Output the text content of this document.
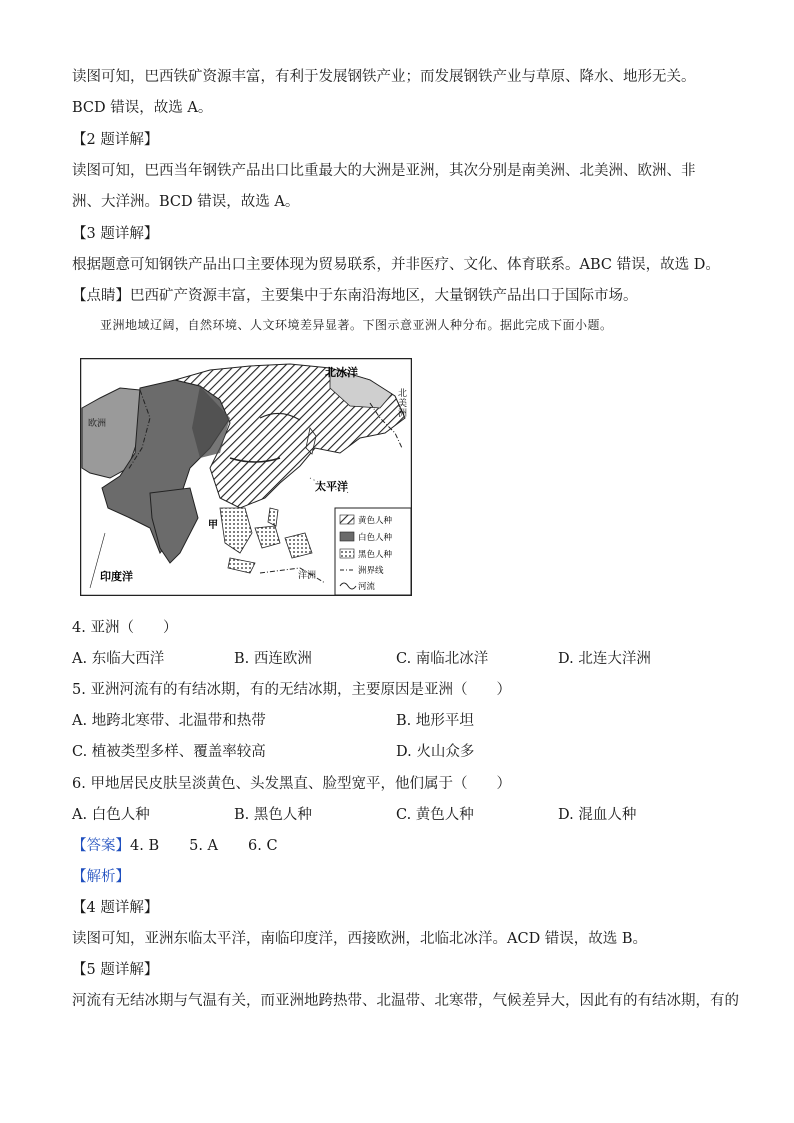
读图可知，巴西铁矿资源丰富，有利于发展钢铁产业；而发展钢铁产业与草原、降水、地形无关。BCD 错误，故选 A。

【2 题详解】

读图可知，巴西当年钢铁产品出口比重最大的大洲是亚洲，其次分别是南美洲、北美洲、欧洲、非洲、大洋洲。BCD 错误，故选 A。

【3 题详解】
根据题意可知钢铁产品出口主要体现为贸易联系，并非医疗、文化、体育联系。ABC 错误，故选 D。
【点睛】巴西矿产资源丰富，主要集中于东南沿海地区，大量钢铁产品出口于国际市场。
亚洲地域辽阔，自然环境、人文环境差异显著。下图示意亚洲人种分布。据此完成下面小题。
北冰洋
北
美
洲
欧洲
太平洋
印度洋	洋洲
甲	黄色人种
白色人种
黑色人种
洲界线
河流
4. 亚洲（　　）
A. 东临大西洋	B. 西连欧洲	C. 南临北冰洋	D. 北连大洋洲
5. 亚洲河流有的有结冰期，有的无结冰期，主要原因是亚洲（　　）
A. 地跨北寒带、北温带和热带	B. 地形平坦
C. 植被类型多样、覆盖率较高	D. 火山众多
6. 甲地居民皮肤呈淡黄色、头发黑直、脸型宽平，他们属于（　　）
A. 白色人种	B. 黑色人种	C. 黄色人种	D. 混血人种
【答案】4. B 5. A 6. C
【解析】
【4 题详解】
读图可知，亚洲东临太平洋，南临印度洋，西接欧洲，北临北冰洋。ACD 错误，故选 B。
【5 题详解】
河流有无结冰期与气温有关，而亚洲地跨热带、北温带、北寒带，气候差异大，因此有的有结冰期，有的
